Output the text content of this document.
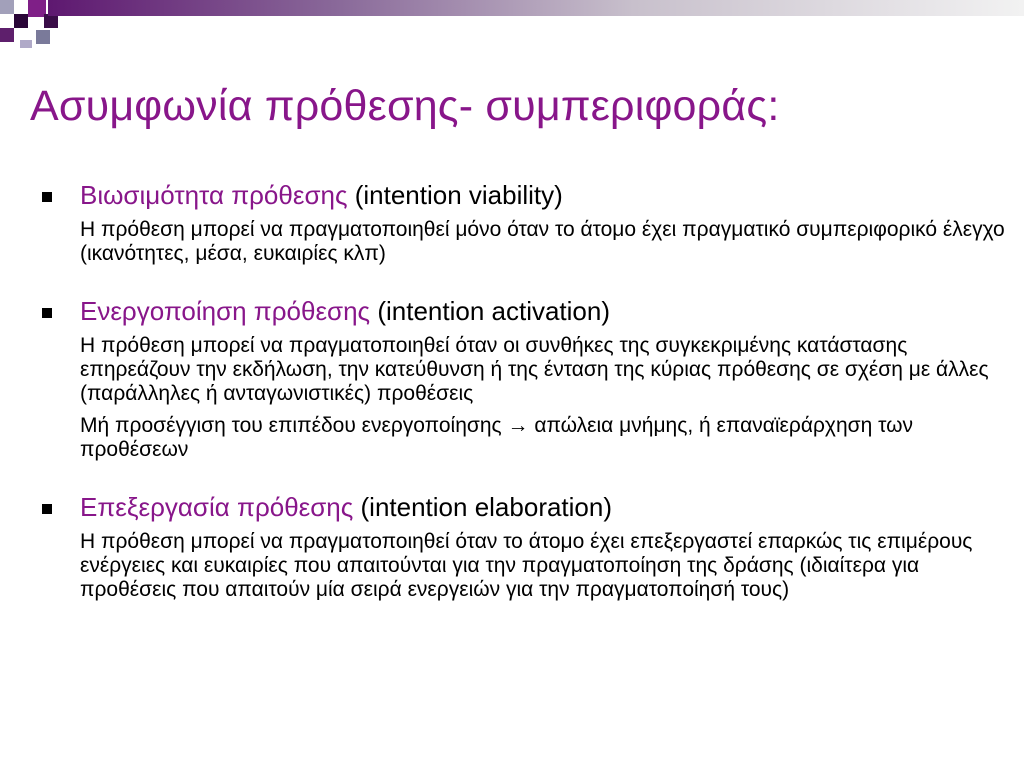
Ασυμφωνία πρόθεσης- συμπεριφοράς:
Βιωσιμότητα πρόθεσης (intention viability)
Η πρόθεση μπορεί να πραγματοποιηθεί μόνο όταν το άτομο έχει πραγματικό συμπεριφορικό έλεγχο (ικανότητες, μέσα, ευκαιρίες κλπ)
Ενεργοποίηση πρόθεσης (intention activation)
Η πρόθεση μπορεί να πραγματοποιηθεί όταν οι συνθήκες της συγκεκριμένης κατάστασης επηρεάζουν την εκδήλωση, την κατεύθυνση ή της ένταση της κύριας πρόθεσης σε σχέση με άλλες (παράλληλες ή ανταγωνιστικές) προθέσεις
Μή προσέγγιση του επιπέδου ενεργοποίησης → απώλεια μνήμης, ή επαναϊεράρχηση των προθέσεων
Επεξεργασία πρόθεσης (intention elaboration)
Η πρόθεση μπορεί να πραγματοποιηθεί όταν το άτομο έχει επεξεργαστεί επαρκώς τις επιμέρους ενέργειες και ευκαιρίες που απαιτούνται για την πραγματοποίηση της δράσης (ιδιαίτερα για προθέσεις που απαιτούν μία σειρά ενεργειών για την πραγματοποίησή τους)
